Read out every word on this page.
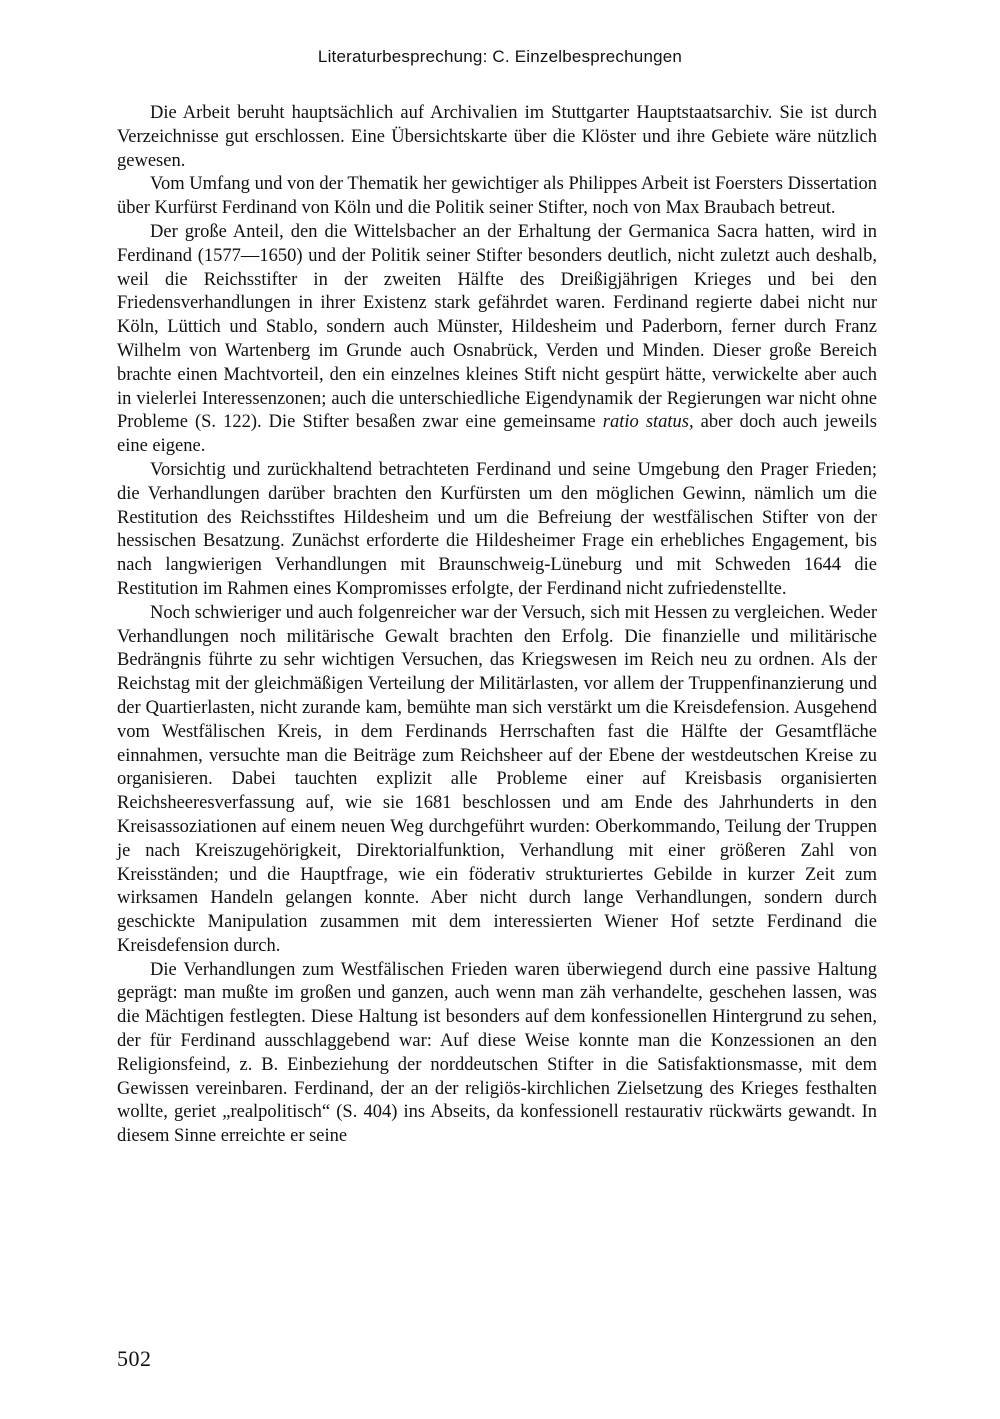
Literaturbesprechung: C. Einzelbesprechungen

Die Arbeit beruht hauptsächlich auf Archivalien im Stuttgarter Hauptstaatsarchiv. Sie ist durch Verzeichnisse gut erschlossen. Eine Übersichtskarte über die Klöster und ihre Gebiete wäre nützlich gewesen.

Vom Umfang und von der Thematik her gewichtiger als Philippes Arbeit ist Foersters Dissertation über Kurfürst Ferdinand von Köln und die Politik seiner Stifter, noch von Max Braubach betreut.

Der große Anteil, den die Wittelsbacher an der Erhaltung der Germanica Sacra hatten, wird in Ferdinand (1577—1650) und der Politik seiner Stifter besonders deutlich, nicht zuletzt auch deshalb, weil die Reichsstifter in der zweiten Hälfte des Dreißigjährigen Krieges und bei den Friedensverhandlungen in ihrer Existenz stark gefährdet waren. Ferdinand regierte dabei nicht nur Köln, Lüttich und Stablo, sondern auch Münster, Hildesheim und Paderborn, ferner durch Franz Wilhelm von Wartenberg im Grunde auch Osnabrück, Verden und Minden. Dieser große Bereich brachte einen Machtvorteil, den ein einzelnes kleines Stift nicht gespürt hätte, verwickelte aber auch in vielerlei Interessenzonen; auch die unterschiedliche Eigendynamik der Regierungen war nicht ohne Probleme (S. 122). Die Stifter besaßen zwar eine gemeinsame ratio status, aber doch auch jeweils eine eigene.

Vorsichtig und zurückhaltend betrachteten Ferdinand und seine Umgebung den Prager Frieden; die Verhandlungen darüber brachten den Kurfürsten um den möglichen Gewinn, nämlich um die Restitution des Reichsstiftes Hildesheim und um die Befreiung der westfälischen Stifter von der hessischen Besatzung. Zunächst erforderte die Hildesheimer Frage ein erhebliches Engagement, bis nach langwierigen Verhandlungen mit Braunschweig-Lüneburg und mit Schweden 1644 die Restitution im Rahmen eines Kompromisses erfolgte, der Ferdinand nicht zufriedenstellte.

Noch schwieriger und auch folgenreicher war der Versuch, sich mit Hessen zu vergleichen. Weder Verhandlungen noch militärische Gewalt brachten den Erfolg. Die finanzielle und militärische Bedrängnis führte zu sehr wichtigen Versuchen, das Kriegswesen im Reich neu zu ordnen. Als der Reichstag mit der gleichmäßigen Verteilung der Militärlasten, vor allem der Truppenfinanzierung und der Quartierlasten, nicht zurande kam, bemühte man sich verstärkt um die Kreisdefension. Ausgehend vom Westfälischen Kreis, in dem Ferdinands Herrschaften fast die Hälfte der Gesamtfläche einnahmen, versuchte man die Beiträge zum Reichsheer auf der Ebene der westdeutschen Kreise zu organisieren. Dabei tauchten explizit alle Probleme einer auf Kreisbasis organisierten Reichsheeresverfassung auf, wie sie 1681 beschlossen und am Ende des Jahrhunderts in den Kreisassoziationen auf einem neuen Weg durchgeführt wurden: Oberkommando, Teilung der Truppen je nach Kreiszugehörigkeit, Direktorialfunktion, Verhandlung mit einer größeren Zahl von Kreisständen; und die Hauptfrage, wie ein föderativ strukturiertes Gebilde in kurzer Zeit zum wirksamen Handeln gelangen konnte. Aber nicht durch lange Verhandlungen, sondern durch geschickte Manipulation zusammen mit dem interessierten Wiener Hof setzte Ferdinand die Kreisdefension durch.

Die Verhandlungen zum Westfälischen Frieden waren überwiegend durch eine passive Haltung geprägt: man mußte im großen und ganzen, auch wenn man zäh verhandelte, geschehen lassen, was die Mächtigen festlegten. Diese Haltung ist besonders auf dem konfessionellen Hintergrund zu sehen, der für Ferdinand ausschlaggebend war: Auf diese Weise konnte man die Konzessionen an den Religionsfeind, z. B. Einbeziehung der norddeutschen Stifter in die Satisfaktionsmasse, mit dem Gewissen vereinbaren. Ferdinand, der an der religiös-kirchlichen Zielsetzung des Krieges festhalten wollte, geriet „realpolitisch“ (S. 404) ins Abseits, da konfessionell restaurativ rückwärts gewandt. In diesem Sinne erreichte er seine

502
